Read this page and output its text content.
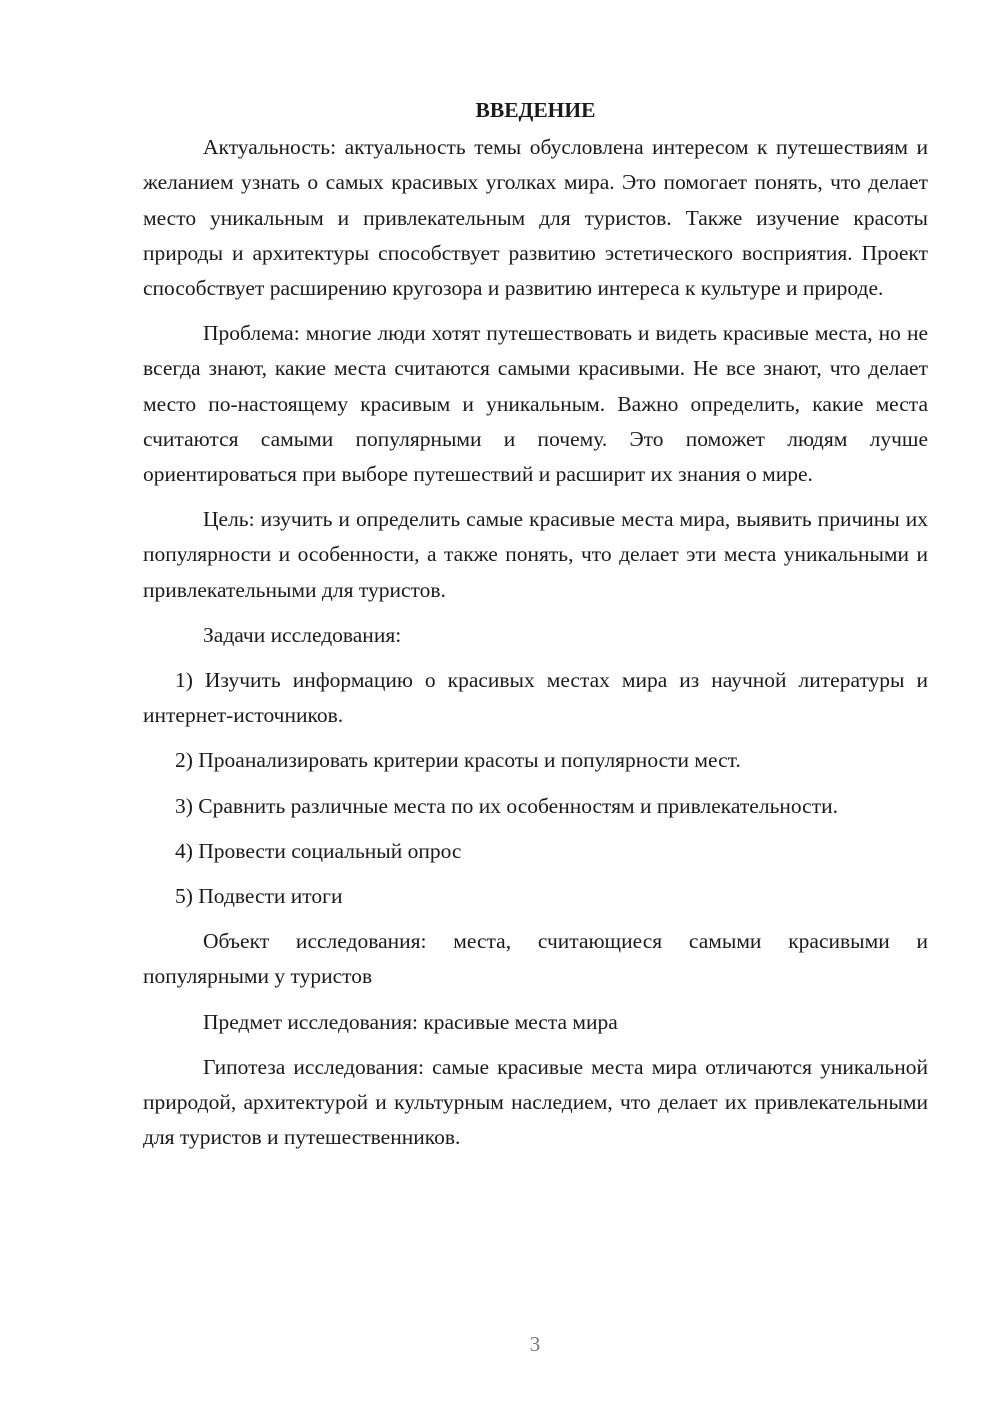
ВВЕДЕНИЕ

Актуальность: актуальность темы обусловлена интересом к путешествиям и желанием узнать о самых красивых уголках мира. Это помогает понять, что делает место уникальным и привлекательным для туристов. Также изучение красоты природы и архитектуры способствует развитию эстетического восприятия. Проект способствует расширению кругозора и развитию интереса к культуре и природе.

Проблема: многие люди хотят путешествовать и видеть красивые места, но не всегда знают, какие места считаются самыми красивыми. Не все знают, что делает место по-настоящему красивым и уникальным. Важно определить, какие места считаются самыми популярными и почему. Это поможет людям лучше ориентироваться при выборе путешествий и расширит их знания о мире.

Цель: изучить и определить самые красивые места мира, выявить причины их популярности и особенности, а также понять, что делает эти места уникальными и привлекательными для туристов.

Задачи исследования:

1) Изучить информацию о красивых местах мира из научной литературы и интернет-источников.

2) Проанализировать критерии красоты и популярности мест.

3) Сравнить различные места по их особенностям и привлекательности.

4) Провести социальный опрос

5) Подвести итоги

Объект исследования: места, считающиеся самыми красивыми и популярными у туристов

Предмет исследования: красивые места мира

Гипотеза исследования: самые красивые места мира отличаются уникальной природой, архитектурой и культурным наследием, что делает их привлекательными для туристов и путешественников.

3
